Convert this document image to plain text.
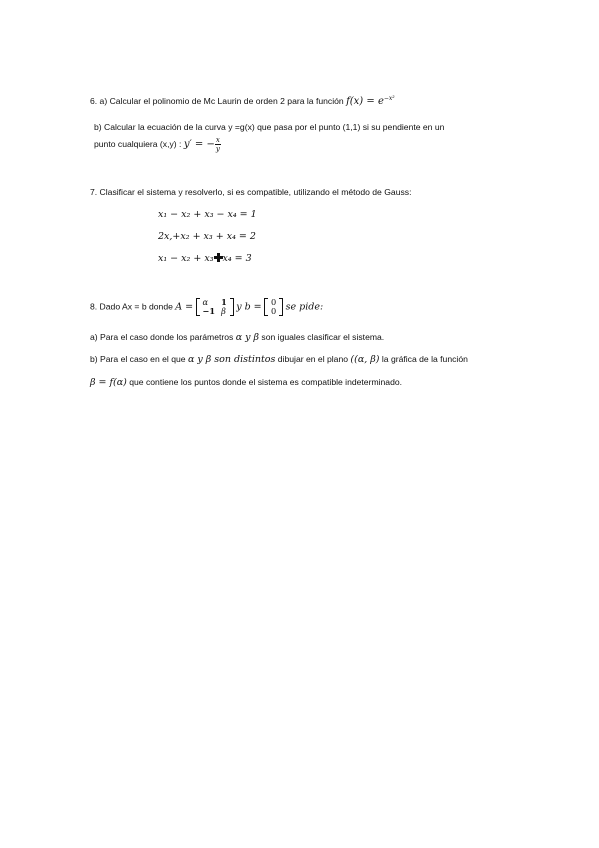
6. a) Calcular el polinomio de Mc Laurin de orden 2 para la función $f(x) = e^{-x^2}$
b) Calcular la ecuación de la curva y =g(x) que pasa por el punto (1,1) si su pendiente en un
punto cualquiera (x,y) : y′ = − $\frac{x}{y}$
7. Clasificar el sistema y resolverlo, si es compatible, utilizando el método de Gauss:
x₁ − x₂ + x₃ − x₄ = 1
2x,+x₂ + x₃ + x₄ = 2
x₁ − x₂ + x₃ x₄ = 3
8. Dado Ax = b donde A = α	1
−1	β y b = 0
0 se pide:
a) Para el caso donde los parámetros α y β son iguales clasificar el sistema.
b) Para el caso en el que α y β son distintos dibujar en el plano ((α, β) la gráfica de la función
β = f(α) que contiene los puntos donde el sistema es compatible indeterminado.
